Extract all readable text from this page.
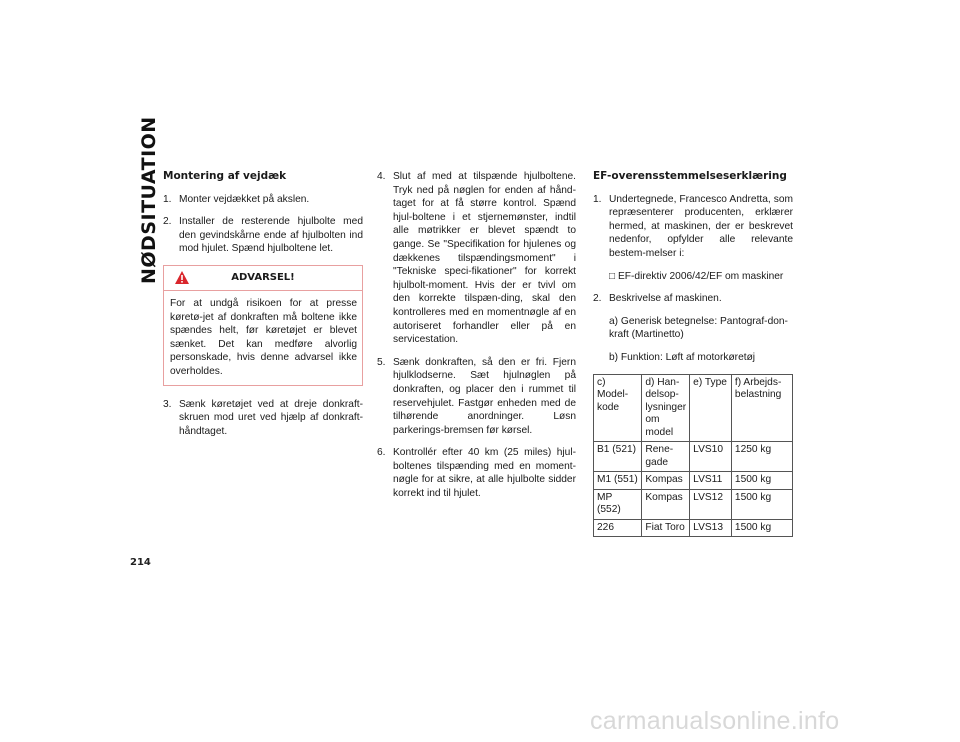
NØDSITUATION
214
Montering af vejdæk
1. Monter vejdækket på akslen.
2. Installer de resterende hjulbolte med den gevindskårne ende af hjulbolten ind mod hjulet. Spænd hjulboltene let.
ADVARSEL!
For at undgå risikoen for at presse køretø-jet af donkraften må boltene ikke spændes helt, før køretøjet er blevet sænket. Det kan medføre alvorlig personskade, hvis denne advarsel ikke overholdes.
3. Sænk køretøjet ved at dreje donkraft-skruen mod uret ved hjælp af donkraft-håndtaget.
4. Slut af med at tilspænde hjulboltene. Tryk ned på nøglen for enden af hånd-taget for at få større kontrol. Spænd hjul-boltene i et stjernemønster, indtil alle møtrikker er blevet spændt to gange. Se "Specifikation for hjulenes og dækkenes tilspændingsmoment" i "Tekniske speci-fikationer" for korrekt hjulbolt-moment. Hvis der er tvivl om den korrekte tilspæn-ding, skal den kontrolleres med en momentnøgle af en autoriseret forhandler eller på en servicestation.
5. Sænk donkraften, så den er fri. Fjern hjulklodserne. Sæt hjulnøglen på donkraften, og placer den i rummet til reservehjulet. Fastgør enheden med de tilhørende anordninger. Løsn parkerings-bremsen før kørsel.
6. Kontrollér efter 40 km (25 miles) hjul-boltenes tilspænding med en moment-nøgle for at sikre, at alle hjulbolte sidder korrekt ind til hjulet.
EF-overensstemmelseserklæring
1. Undertegnede, Francesco Andretta, som repræsenterer producenten, erklærer hermed, at maskinen, der er beskrevet nedenfor, opfylder alle relevante bestem-melser i:
□ EF-direktiv 2006/42/EF om maskiner
2. Beskrivelse af maskinen.
a) Generisk betegnelse: Pantograf-don-kraft (Martinetto)
b) Funktion: Løft af motorkøretøj
c) Model-kode	d) Han-delsop-lysninger om model	e) Type	f) Arbejds-belastning
B1 (521)	Rene-gade	LVS10	1250 kg
M1 (551)	Kompas	LVS11	1500 kg
MP (552)	Kompas	LVS12	1500 kg
226	Fiat Toro	LVS13	1500 kg
carmanualsonline.info
